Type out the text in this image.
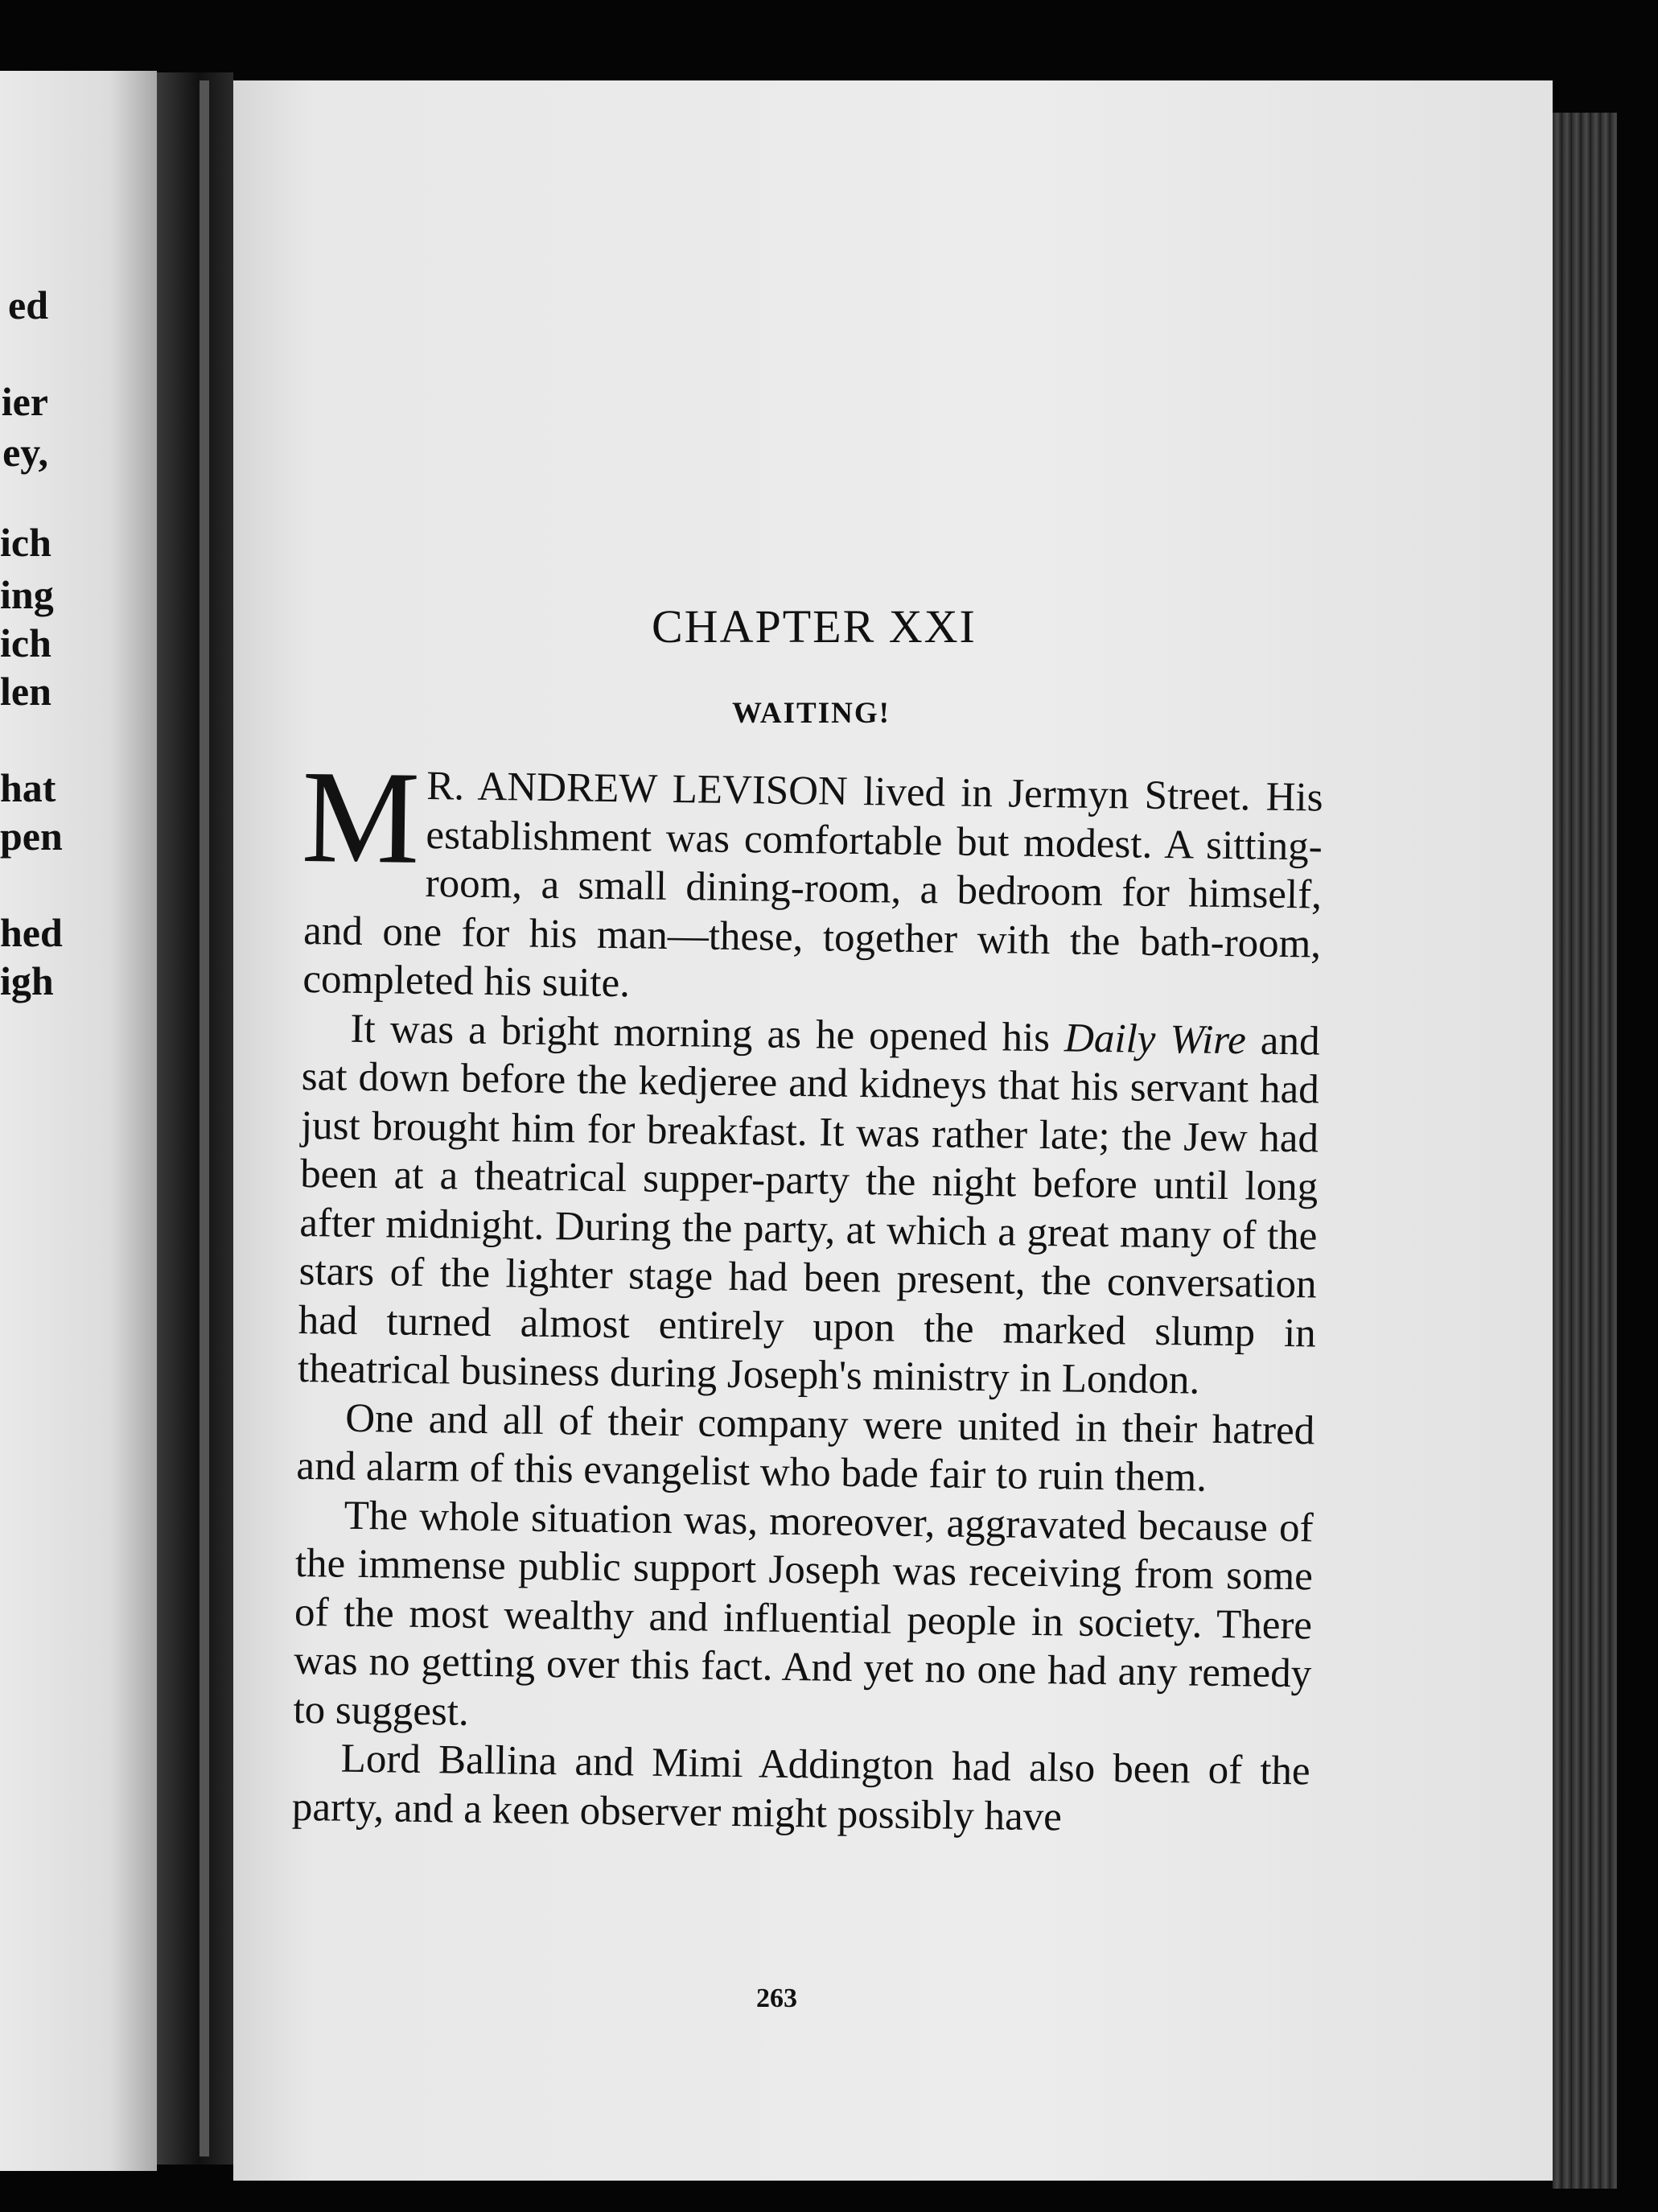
ed
ier
ey,
ich
ing
ich
len
hat
pen
hed
igh
CHAPTER XXI
WAITING!

M R. ANDREW LEVISON lived in Jermyn Street. His establishment was comfortable but modest. A sitting-room, a small dining-room, a bedroom for himself, and one for his man—these, together with the bath-room, completed his suite.

It was a bright morning as he opened his Daily Wire and sat down before the kedjeree and kidneys that his servant had just brought him for breakfast. It was rather late; the Jew had been at a theatrical supper-party the night before until long after midnight. During the party, at which a great many of the stars of the lighter stage had been present, the conversation had turned almost entirely upon the marked slump in theatrical business during Joseph's ministry in London.

One and all of their company were united in their hatred and alarm of this evangelist who bade fair to ruin them.

The whole situation was, moreover, aggravated because of the immense public support Joseph was receiving from some of the most wealthy and influential people in society. There was no getting over this fact. And yet no one had any remedy to suggest.

Lord Ballina and Mimi Addington had also been of the party, and a keen observer might possibly have

263
